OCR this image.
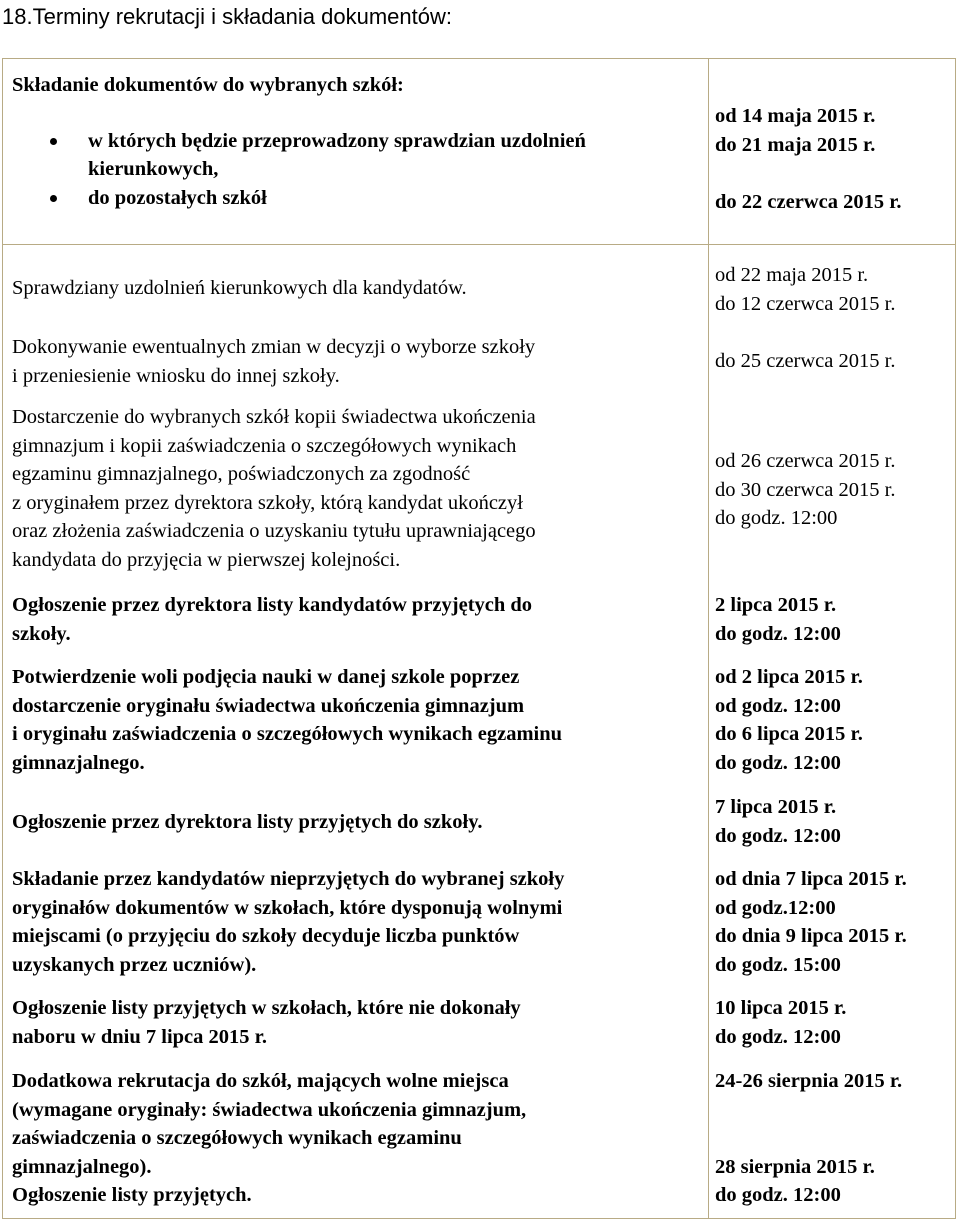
18.Terminy rekrutacji i składania dokumentów:
Składanie dokumentów do wybranych szkół:
w których będzie przeprowadzony sprawdzian uzdolnień kierunkowych,
do pozostałych szkół
od 14 maja 2015 r.
do 21 maja 2015 r.
do 22 czerwca 2015 r.
Sprawdziany uzdolnień kierunkowych dla kandydatów.
od 22 maja 2015 r.
do 12 czerwca 2015 r.
Dokonywanie ewentualnych zmian w decyzji o wyborze szkoły
i przeniesienie wniosku do innej szkoły.
do 25 czerwca 2015 r.
Dostarczenie do wybranych szkół kopii świadectwa ukończenia
gimnazjum i kopii zaświadczenia o szczegółowych wynikach
egzaminu gimnazjalnego, poświadczonych za zgodność
z oryginałem przez dyrektora szkoły, którą kandydat ukończył
oraz złożenia zaświadczenia o uzyskaniu tytułu uprawniającego
kandydata do przyjęcia w pierwszej kolejności.
od 26 czerwca 2015 r.
do 30 czerwca 2015 r.
do godz. 12:00
Ogłoszenie przez dyrektora listy kandydatów przyjętych do
szkoły.
2 lipca 2015 r.
do godz. 12:00
Potwierdzenie woli podjęcia nauki w danej szkole poprzez
dostarczenie oryginału świadectwa ukończenia gimnazjum
i oryginału zaświadczenia o szczegółowych wynikach egzaminu
gimnazjalnego.
od 2 lipca 2015 r.
od godz. 12:00
do 6 lipca 2015 r.
do godz. 12:00
Ogłoszenie przez dyrektora listy przyjętych do szkoły.
7 lipca 2015 r.
do godz. 12:00
Składanie przez kandydatów nieprzyjętych do wybranej szkoły
oryginałów dokumentów w szkołach, które dysponują wolnymi
miejscami (o przyjęciu do szkoły decyduje liczba punktów
uzyskanych przez uczniów).
od dnia 7 lipca 2015 r.
od godz.12:00
do dnia 9 lipca 2015 r.
do godz. 15:00
Ogłoszenie listy przyjętych w szkołach, które nie dokonały
naboru w dniu 7 lipca 2015 r.
10 lipca 2015 r.
do godz. 12:00
Dodatkowa rekrutacja do szkół, mających wolne miejsca
(wymagane oryginały: świadectwa ukończenia gimnazjum,
zaświadczenia o szczegółowych wynikach egzaminu
gimnazjalnego).
Ogłoszenie listy przyjętych.
24-26 sierpnia 2015 r.
28 sierpnia 2015 r.
do godz. 12:00
